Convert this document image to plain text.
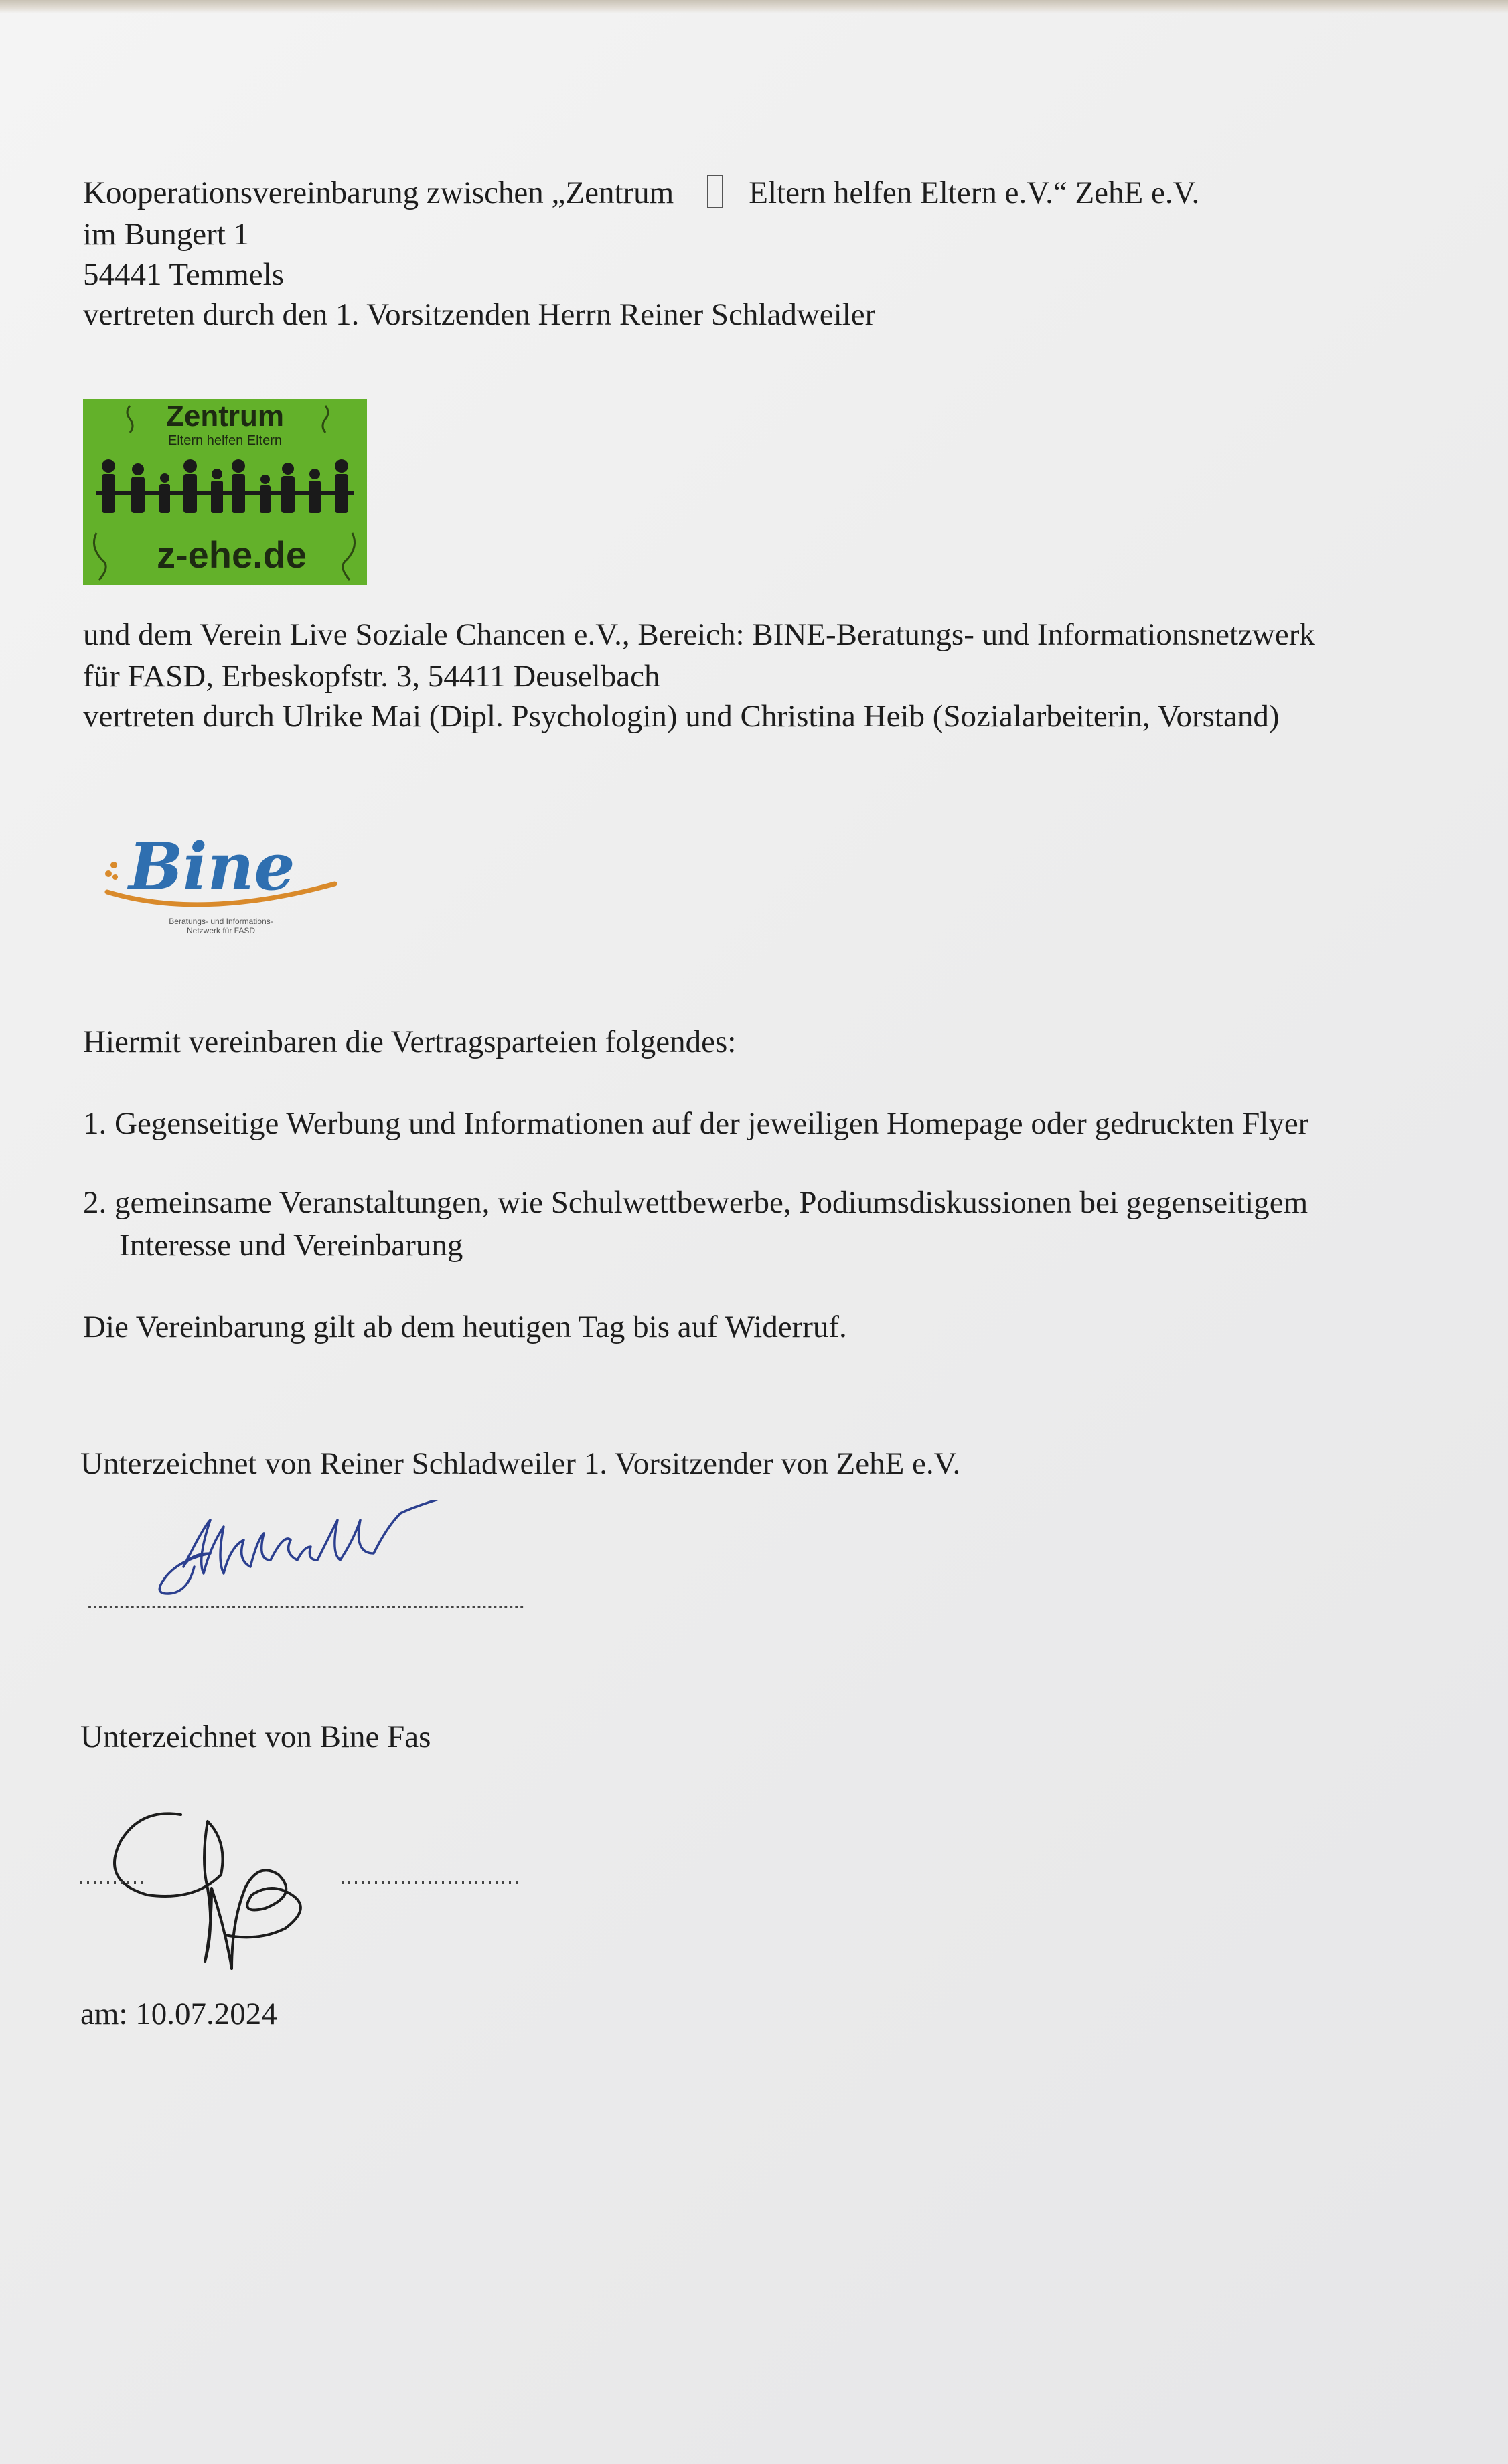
Kooperationsvereinbarung zwischen „Zentrum Eltern helfen Eltern e.V.“ ZehE e.V.

im Bungert 1

54441 Temmels

vertreten durch den 1. Vorsitzenden Herrn Reiner Schladweiler

Zentrum
Eltern helfen Eltern
z-ehe.de

und dem Verein Live Soziale Chancen e.V., Bereich: BINE-Beratungs- und Informationsnetzwerk

für FASD, Erbeskopfstr. 3, 54411 Deuselbach

vertreten durch Ulrike Mai (Dipl. Psychologin) und Christina Heib (Sozialarbeiterin, Vorstand)

Bine
Beratungs- und Informations-
Netzwerk für FASD

Hiermit vereinbaren die Vertragsparteien folgendes:

1. Gegenseitige Werbung und Informationen auf der jeweiligen Homepage oder gedruckten Flyer

2. gemeinsame Veranstaltungen, wie Schulwettbewerbe, Podiumsdiskussionen bei gegenseitigem

Interesse und Vereinbarung

Die Vereinbarung gilt ab dem heutigen Tag bis auf Widerruf.

Unterzeichnet von Reiner Schladweiler 1. Vorsitzender von ZehE e.V.

Unterzeichnet von Bine Fas

am: 10.07.2024
